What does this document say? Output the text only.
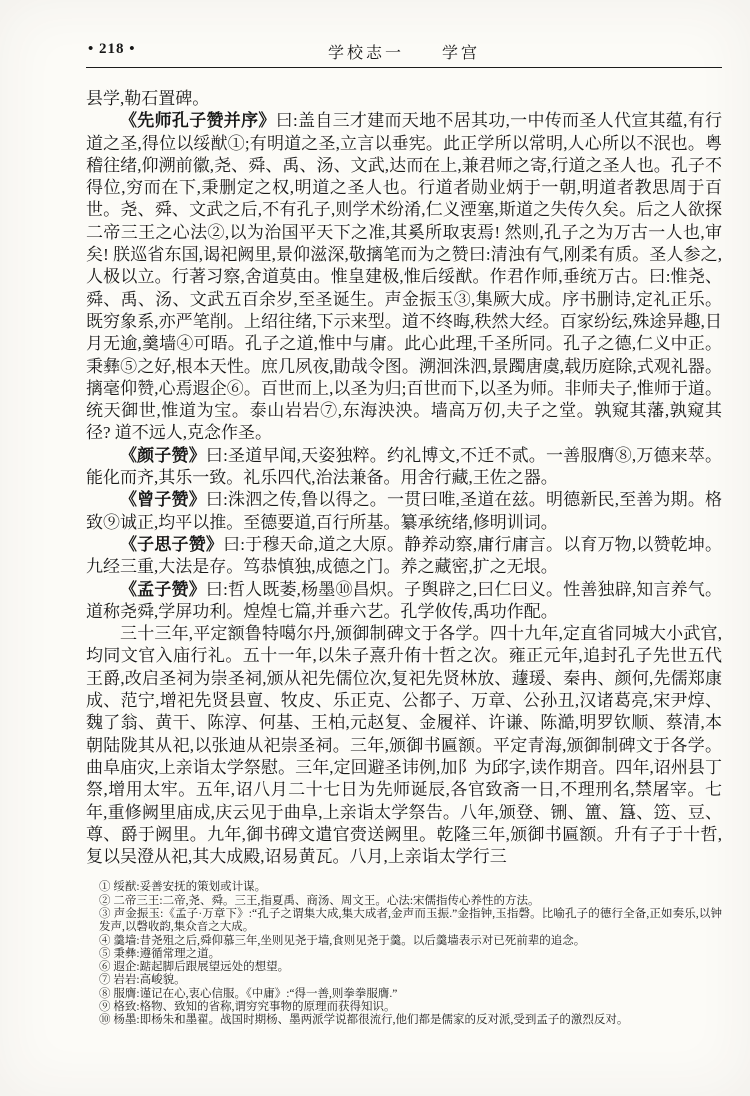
• 218 •	学校志一　　学宫

县学,勒石置碑。

《先师孔子赞并序》曰:盖自三才建而天地不居其功,一中传而圣人代宣其蕴,有行道之圣,得位以绥猷①;有明道之圣,立言以垂宪。此正学所以常明,人心所以不泯也。粤稽往绪,仰溯前徽,尧、舜、禹、汤、文武,达而在上,兼君师之寄,行道之圣人也。孔子不得位,穷而在下,秉删定之权,明道之圣人也。行道者勋业炳于一朝,明道者教思周于百世。尧、舜、文武之后,不有孔子,则学术纷淆,仁义湮塞,斯道之失传久矣。后之人欲探二帝三王之心法②,以为治国平天下之准,其奚所取衷焉! 然则,孔子之为万古一人也,审矣! 朕巡省东国,谒祀阙里,景仰滋深,敬摛笔而为之赞曰:清浊有气,刚柔有质。圣人参之,人极以立。行著习察,舍道莫由。惟皇建极,惟后绥猷。作君作师,垂统万古。曰:惟尧、舜、禹、汤、文武五百余岁,至圣诞生。声金振玉③,集厥大成。序书删诗,定礼正乐。既穷象系,亦严笔削。上绍往绪,下示来型。道不终晦,秩然大经。百家纷纭,殊途异趣,日月无逾,羹墙④可晤。孔子之道,惟中与庸。此心此理,千圣所同。孔子之德,仁义中正。秉彝⑤之好,根本天性。庶几夙夜,勖哉令图。溯洄洙泗,景躅唐虞,载历庭除,式观礼器。摛毫仰赞,心焉遐企⑥。百世而上,以圣为归;百世而下,以圣为师。非师夫子,惟师于道。统天御世,惟道为宝。泰山岩岩⑦,东海泱泱。墙高万仞,夫子之堂。孰窥其藩,孰窥其径? 道不远人,克念作圣。

《颜子赞》曰:圣道早闻,天姿独粹。约礼博文,不迁不贰。一善服膺⑧,万德来萃。能化而齐,其乐一致。礼乐四代,治法兼备。用舍行藏,王佐之器。

《曾子赞》曰:洙泗之传,鲁以得之。一贯曰唯,圣道在兹。明德新民,至善为期。格致⑨诚正,均平以推。至德要道,百行所基。纂承统绪,修明训词。

《子思子赞》曰:于穆天命,道之大原。静养动察,庸行庸言。以育万物,以赞乾坤。九经三重,大法是存。笃恭慎独,成德之门。养之藏密,扩之无垠。

《孟子赞》曰:哲人既萎,杨墨⑩昌炽。子舆辟之,曰仁曰义。性善独辟,知言养气。道称尧舜,学屏功利。煌煌七篇,并垂六艺。孔学攸传,禹功作配。

三十三年,平定额鲁特噶尔丹,颁御制碑文于各学。四十九年,定直省同城大小武官,均同文官入庙行礼。五十一年,以朱子熹升侑十哲之次。雍正元年,追封孔子先世五代王爵,改启圣祠为崇圣祠,颁从祀先儒位次,复祀先贤林放、蘧瑗、秦冉、颜何,先儒郑康成、范宁,增祀先贤县亶、牧皮、乐正克、公都子、万章、公孙丑,汉诸葛亮,宋尹焞、魏了翁、黄干、陈淳、何基、王柏,元赵复、金履祥、许谦、陈澔,明罗钦顺、蔡清,本朝陆陇其从祀,以张迪从祀崇圣祠。三年,颁御书匾额。平定青海,颁御制碑文于各学。曲阜庙灾,上亲诣太学祭慰。三年,定回避圣讳例,加阝为邱字,读作期音。四年,诏州县丁祭,增用太牢。五年,诏八月二十七日为先师诞辰,各官致斋一日,不理刑名,禁屠宰。七年,重修阙里庙成,庆云见于曲阜,上亲诣太学祭告。八年,颁登、铏、簠、簋、笾、豆、尊、爵于阙里。九年,御书碑文遣官赍送阙里。乾隆三年,颁御书匾额。升有子于十哲,复以吴澄从祀,其大成殿,诏易黄瓦。八月,上亲诣太学行三

① 绥猷:妥善安抚的策划或计谋。

② 二帝三王:二帝,尧、舜。三王,指夏禹、商汤、周文王。心法:宋儒指传心养性的方法。

③ 声金振玉:《孟子·万章下》:“孔子之谓集大成,集大成者,金声而玉振.”金指钟,玉指磬。比喻孔子的德行全备,正如奏乐,以钟发声,以磬收韵,集众音之大成。

④ 羹墙:昔尧殂之后,舜仰慕三年,坐则见尧于墙,食则见尧于羹。以后羹墙表示对已死前辈的追念。

⑤ 秉彝:遵循常理之道。

⑥ 遐企:踮起脚后跟展望远处的想望。

⑦ 岩岩:高峻貌。

⑧ 服膺:谨记在心,衷心信服。《中庸》:“得一善,则拳拳服膺.”

⑨ 格致:格物、致知的省称,谓穷究事物的原理而获得知识。

⑩ 杨墨:即杨朱和墨翟。战国时期杨、墨两派学说都很流行,他们都是儒家的反对派,受到孟子的激烈反对。
